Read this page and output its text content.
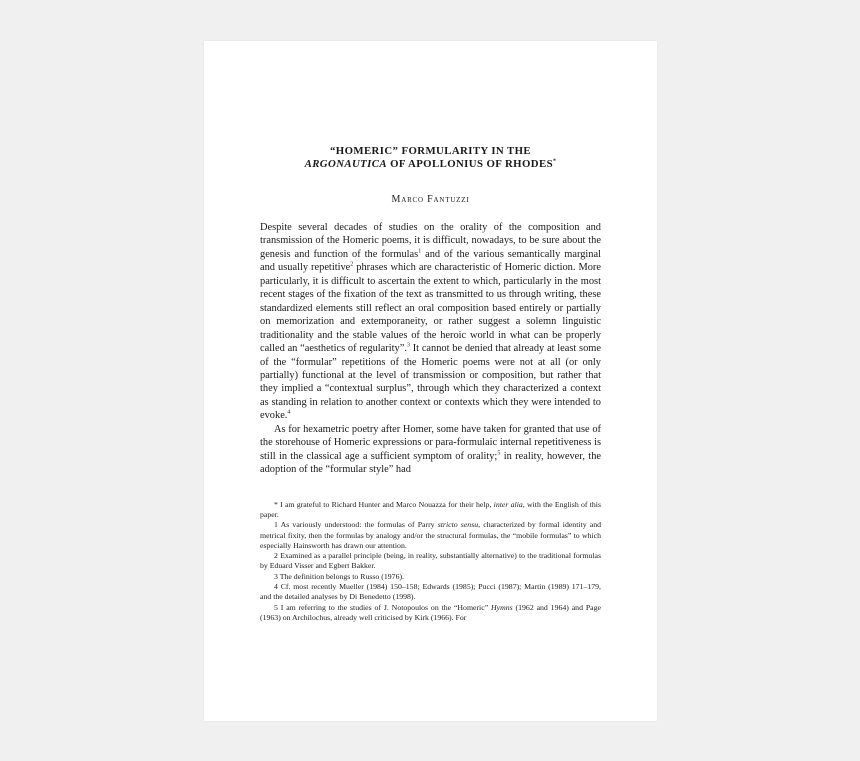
“HOMERIC” FORMULARITY IN THE
ARGONAUTICA OF APOLLONIUS OF RHODES*
Marco Fantuzzi

Despite several decades of studies on the orality of the composition and transmission of the Homeric poems, it is difficult, nowadays, to be sure about the genesis and function of the formulas$^1$ and of the various semantically marginal and usually repetitive$^2$ phrases which are characteristic of Homeric diction. More particularly, it is difficult to ascertain the extent to which, particularly in the most recent stages of the fixation of the text as transmitted to us through writing, these standardized elements still reflect an oral composition based entirely or partially on memorization and extemporaneity, or rather suggest a solemn linguistic traditionality and the stable values of the heroic world in what can be properly called an “aesthetics of regularity”.$^3$ It cannot be denied that already at least some of the “formular” repetitions of the Homeric poems were not at all (or only partially) functional at the level of transmission or composition, but rather that they implied a “contextual surplus”, through which they characterized a context as standing in relation to another context or contexts which they were intended to evoke.$^4$

As for hexametric poetry after Homer, some have taken for granted that use of the storehouse of Homeric expressions or para-formulaic internal repetitiveness is still in the classical age a sufficient symptom of orality;$^5$ in reality, however, the adoption of the “formular style” had

* I am grateful to Richard Hunter and Marco Nouazza for their help, inter alia, with the English of this paper.

1 As variously understood: the formulas of Parry stricto sensu, characterized by formal identity and metrical fixity, then the formulas by analogy and/or the structural formulas, the “mobile formulas” to which especially Hainsworth has drawn our attention.

2 Examined as a parallel principle (being, in reality, substantially alternative) to the traditional formulas by Eduard Visser and Egbert Bakker.

3 The definition belongs to Russo (1976).

4 Cf. most recently Mueller (1984) 150–158; Edwards (1985); Pucci (1987); Martin (1989) 171–179, and the detailed analyses by Di Benedetto (1998).

5 I am referring to the studies of J. Notopoulos on the “Homeric” Hymns (1962 and 1964) and Page (1963) on Archilochus, already well criticised by Kirk (1966). For
